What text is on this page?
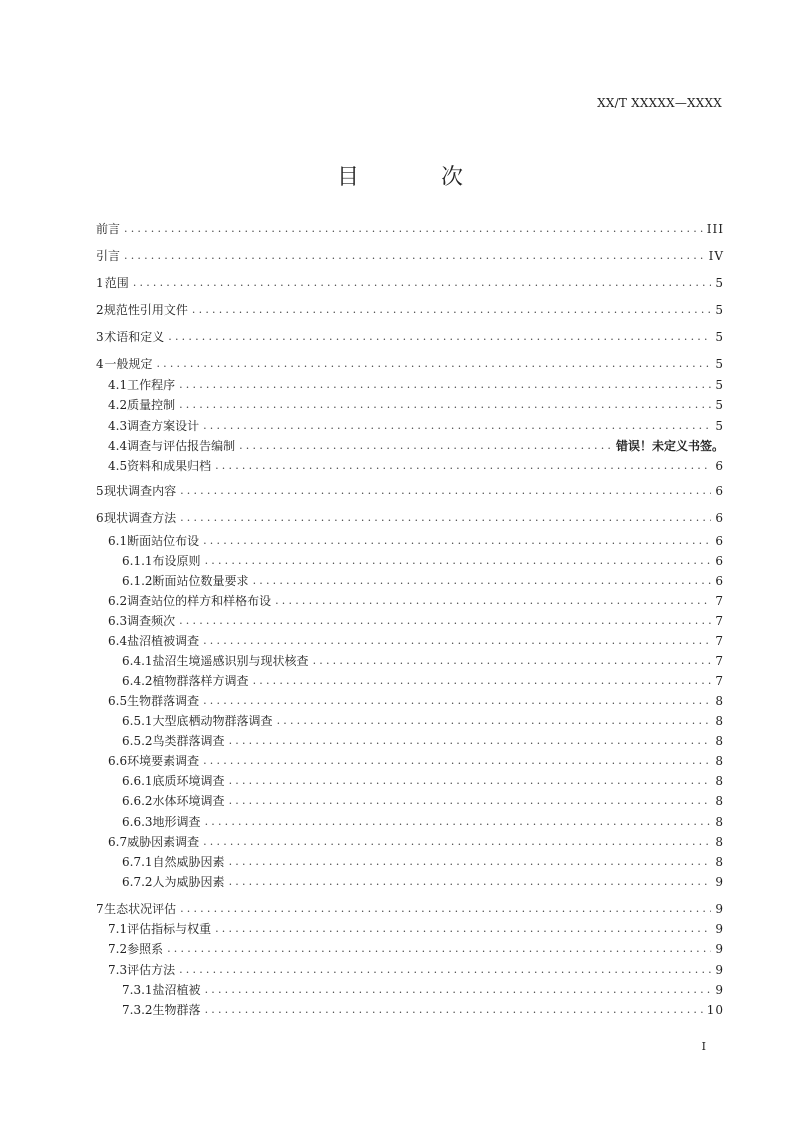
XX/T XXXXX—XXXX
目　次
前言 .....	III
引言 .....	IV
1 范围 .....	5
2 规范性引用文件 .....	5
3 术语和定义 .....	5
4 一般规定 .....	5
4.1 工作程序 .....	5
4.2 质量控制 .....	5
4.3 调查方案设计 .....	5
4.4 调查与评估报告编制 .....	错误！未定义书签。
4.5 资料和成果归档 .....	6
5 现状调查内容 .....	6
6 现状调查方法 .....	6
6.1 断面站位布设 .....	6
6.1.1 布设原则 .....	6
6.1.2 断面站位数量要求 .....	6
6.2 调查站位的样方和样格布设 .....	7
6.3 调查频次 .....	7
6.4 盐沼植被调查 .....	7
6.4.1 盐沼生境遥感识别与现状核查 .....	7
6.4.2 植物群落样方调查 .....	7
6.5 生物群落调查 .....	8
6.5.1 大型底栖动物群落调查 .....	8
6.5.2 鸟类群落调查 .....	8
6.6 环境要素调查 .....	8
6.6.1 底质环境调查 .....	8
6.6.2 水体环境调查 .....	8
6.6.3 地形调查 .....	8
6.7 威胁因素调查 .....	8
6.7.1 自然威胁因素 .....	8
6.7.2 人为威胁因素 .....	9
7 生态状况评估 .....	9
7.1 评估指标与权重 .....	9
7.2 参照系 .....	9
7.3 评估方法 .....	9
7.3.1 盐沼植被 .....	9
7.3.2 生物群落 .....	10
I
